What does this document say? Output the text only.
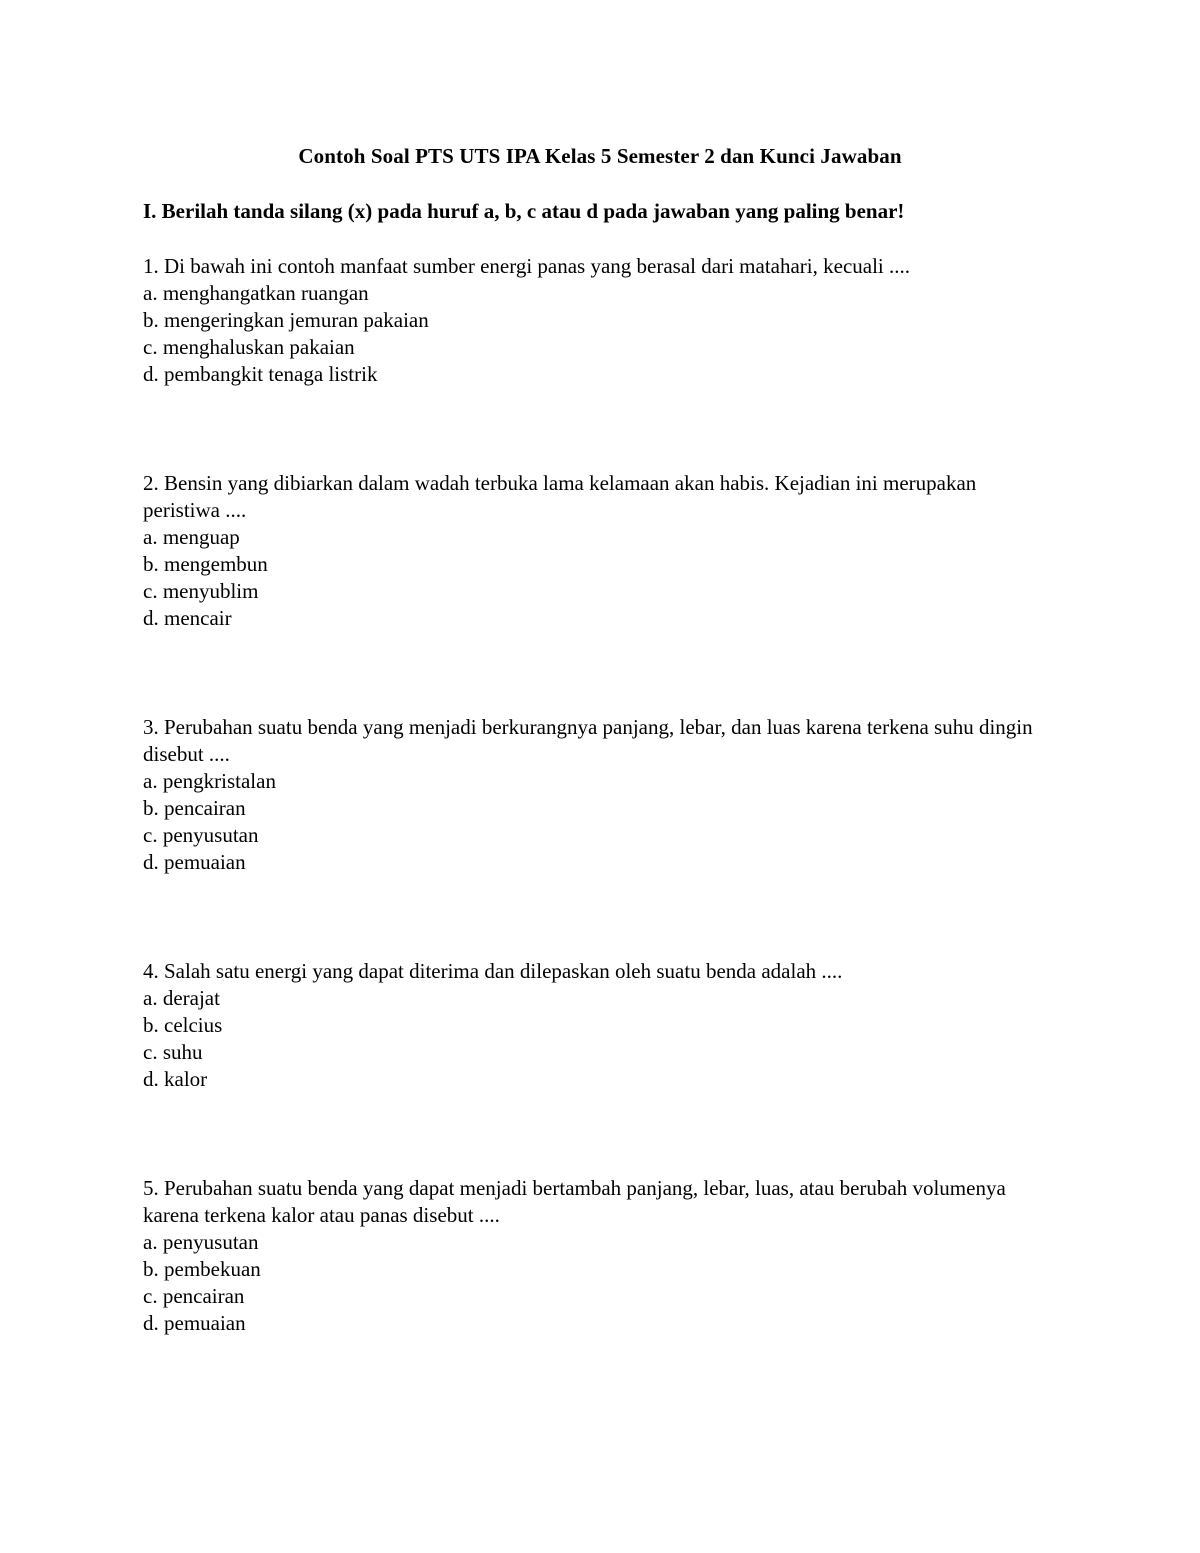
Contoh Soal PTS UTS IPA Kelas 5 Semester 2 dan Kunci Jawaban

I. Berilah tanda silang (x) pada huruf a, b, c atau d pada jawaban yang paling benar!

1. Di bawah ini contoh manfaat sumber energi panas yang berasal dari matahari, kecuali ....
a. menghangatkan ruangan
b. mengeringkan jemuran pakaian
c. menghaluskan pakaian
d. pembangkit tenaga listrik
2. Bensin yang dibiarkan dalam wadah terbuka lama kelamaan akan habis. Kejadian ini merupakan peristiwa ....
a. menguap
b. mengembun
c. menyublim
d. mencair
3. Perubahan suatu benda yang menjadi berkurangnya panjang, lebar, dan luas karena terkena suhu dingin disebut ....
a. pengkristalan
b. pencairan
c. penyusutan
d. pemuaian
4. Salah satu energi yang dapat diterima dan dilepaskan oleh suatu benda adalah ....
a. derajat
b. celcius
c. suhu
d. kalor
5. Perubahan suatu benda yang dapat menjadi bertambah panjang, lebar, luas, atau berubah volumenya karena terkena kalor atau panas disebut ....
a. penyusutan
b. pembekuan
c. pencairan
d. pemuaian
